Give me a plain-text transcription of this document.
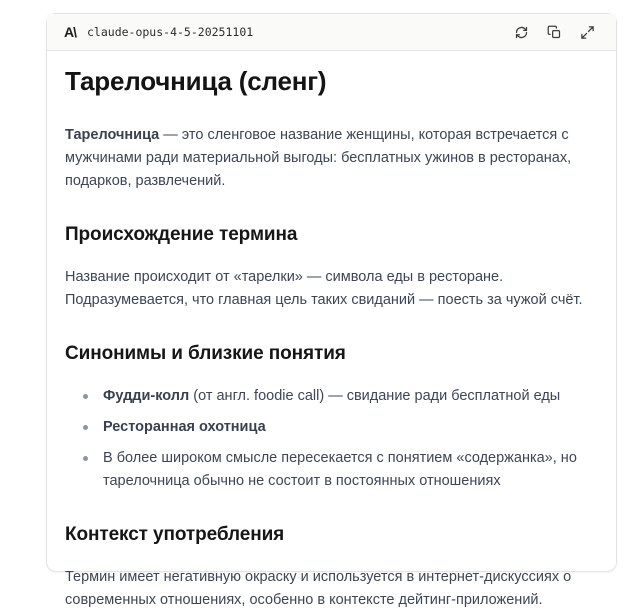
A\ claude-opus-4-5-20251101
Тарелочница (сленг)

Тарелочница — это сленговое название женщины, которая встречается с мужчинами ради материальной выгоды: бесплатных ужинов в ресторанах, подарков, развлечений.

Происхождение термина

Название происходит от «тарелки» — символа еды в ресторане. Подразумевается, что главная цель таких свиданий — поесть за чужой счёт.

Синонимы и близкие понятия
Фудди-колл (от англ. foodie call) — свидание ради бесплатной еды
Ресторанная охотница
В более широком смысле пересекается с понятием «содержанка», но тарелочница обычно не состоит в постоянных отношениях
Контекст употребления

Термин имеет негативную окраску и используется в интернет-дискуссиях о современных отношениях, особенно в контексте дейтинг-приложений.
